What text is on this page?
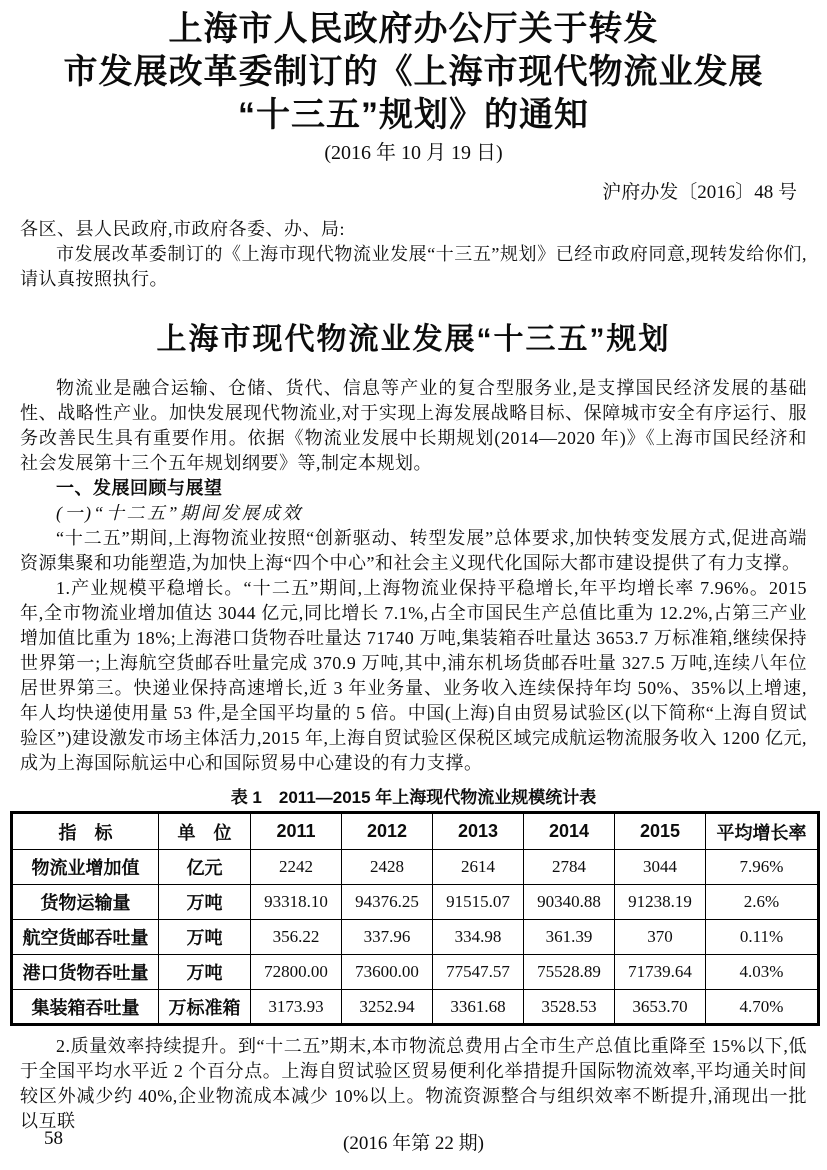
上海市人民政府办公厅关于转发
市发展改革委制订的《上海市现代物流业发展
“十三五”规划》的通知
(2016 年 10 月 19 日)
沪府办发〔2016〕48 号

各区、县人民政府,市政府各委、办、局:

市发展改革委制订的《上海市现代物流业发展“十三五”规划》已经市政府同意,现转发给你们,请认真按照执行。

上海市现代物流业发展“十三五”规划

物流业是融合运输、仓储、货代、信息等产业的复合型服务业,是支撑国民经济发展的基础性、战略性产业。加快发展现代物流业,对于实现上海发展战略目标、保障城市安全有序运行、服务改善民生具有重要作用。依据《物流业发展中长期规划(2014—2020 年)》《上海市国民经济和社会发展第十三个五年规划纲要》等,制定本规划。

一、发展回顾与展望

(一)“十二五”期间发展成效

“十二五”期间,上海物流业按照“创新驱动、转型发展”总体要求,加快转变发展方式,促进高端资源集聚和功能塑造,为加快上海“四个中心”和社会主义现代化国际大都市建设提供了有力支撑。

1.产业规模平稳增长。“十二五”期间,上海物流业保持平稳增长,年平均增长率 7.96%。2015 年,全市物流业增加值达 3044 亿元,同比增长 7.1%,占全市国民生产总值比重为 12.2%,占第三产业增加值比重为 18%;上海港口货物吞吐量达 71740 万吨,集装箱吞吐量达 3653.7 万标准箱,继续保持世界第一;上海航空货邮吞吐量完成 370.9 万吨,其中,浦东机场货邮吞吐量 327.5 万吨,连续八年位居世界第三。快递业保持高速增长,近 3 年业务量、业务收入连续保持年均 50%、35%以上增速,年人均快递使用量 53 件,是全国平均量的 5 倍。中国(上海)自由贸易试验区(以下简称“上海自贸试验区”)建设激发市场主体活力,2015 年,上海自贸试验区保税区域完成航运物流服务收入 1200 亿元,成为上海国际航运中心和国际贸易中心建设的有力支撑。

表 1　2011—2015 年上海现代物流业规模统计表
指　标	单　位	2011	2012	2013	2014	2015	平均增长率
物流业增加值	亿元	2242	2428	2614	2784	3044	7.96%
货物运输量	万吨	93318.10	94376.25	91515.07	90340.88	91238.19	2.6%
航空货邮吞吐量	万吨	356.22	337.96	334.98	361.39	370	0.11%
港口货物吞吐量	万吨	72800.00	73600.00	77547.57	75528.89	71739.64	4.03%
集装箱吞吐量	万标准箱	3173.93	3252.94	3361.68	3528.53	3653.70	4.70%

2.质量效率持续提升。到“十二五”期末,本市物流总费用占全市生产总值比重降至 15%以下,低于全国平均水平近 2 个百分点。上海自贸试验区贸易便利化举措提升国际物流效率,平均通关时间较区外减少约 40%,企业物流成本减少 10%以上。物流资源整合与组织效率不断提升,涌现出一批以互联

58	(2016 年第 22 期)
